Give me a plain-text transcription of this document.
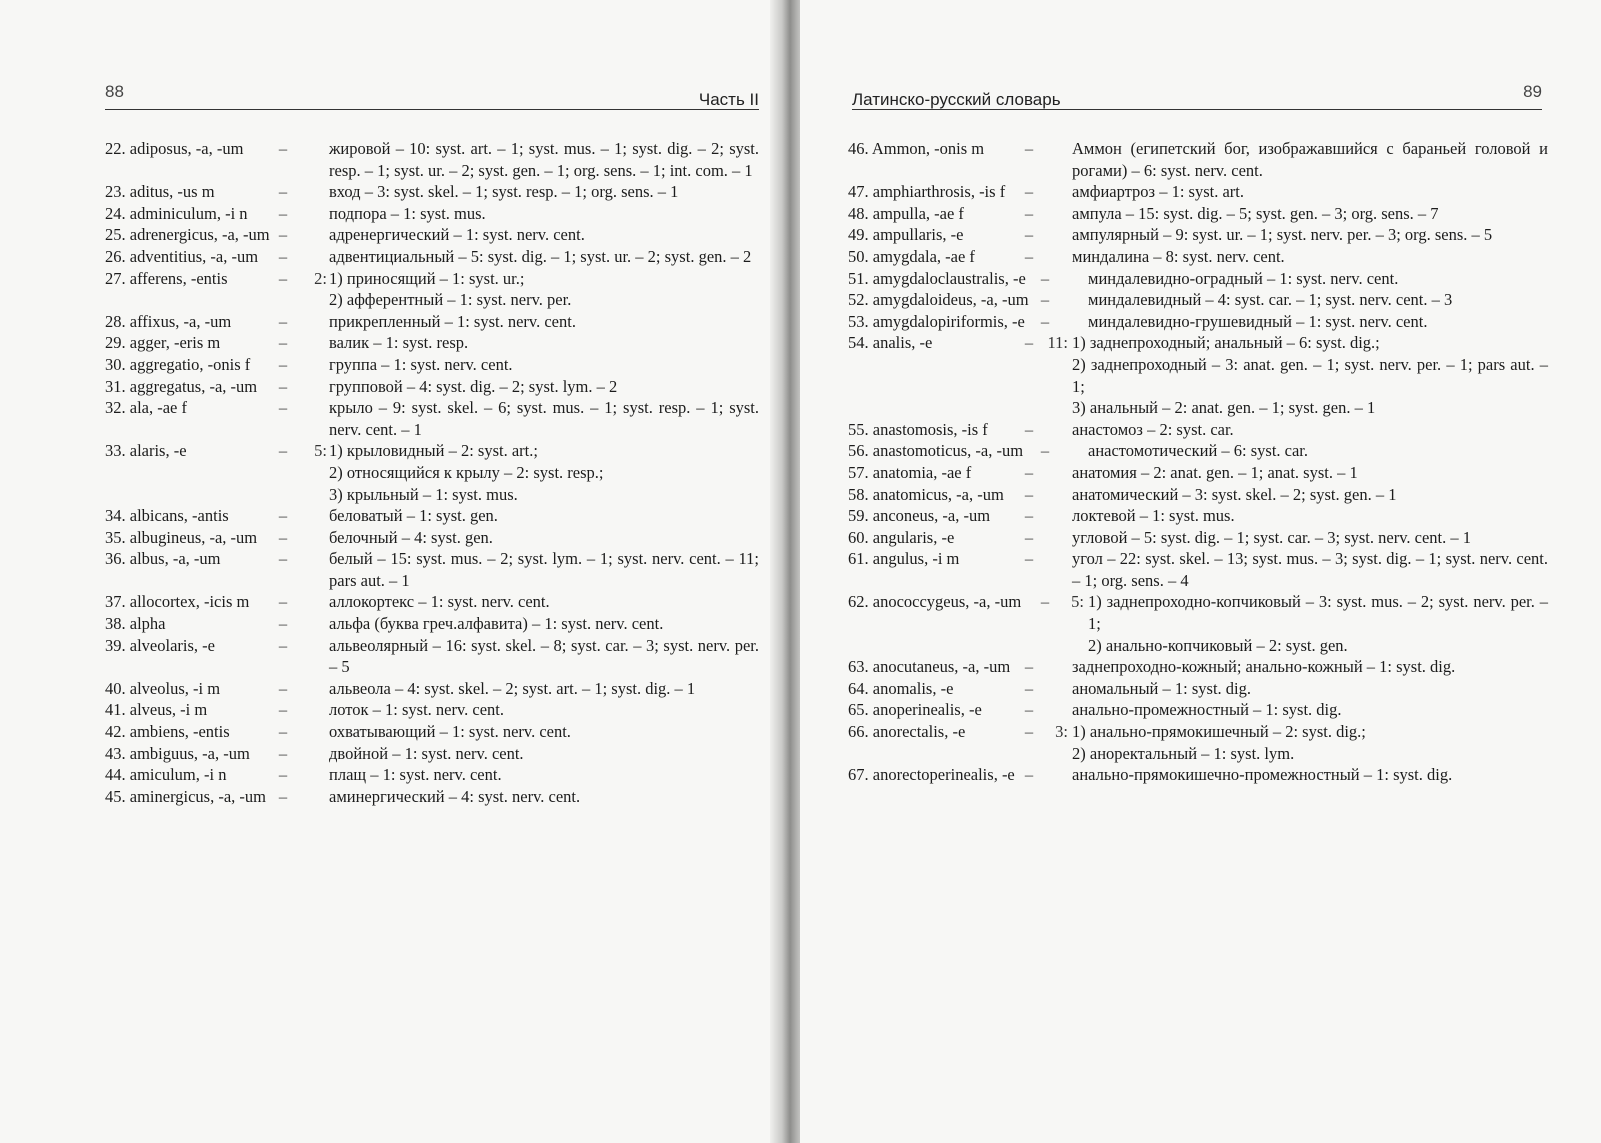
88	Часть II
22. adiposus, -a, -um	–	жировой – 10: syst. art. – 1; syst. mus. – 1; syst. dig. – 2; syst. resp. – 1; syst. ur. – 2; syst. gen. – 1; org. sens. – 1; int. com. – 1
23. aditus, -us m	–	вход – 3: syst. skel. – 1; syst. resp. – 1; org. sens. – 1
24. adminiculum, -i n	–	подпора – 1: syst. mus.
25. adrenergicus, -a, -um –	адренергический – 1: syst. nerv. cent.
26. adventitius, -a, -um	–	адвентициальный – 5: syst. dig. – 1; syst. ur. – 2; syst. gen. – 2
27. afferens, -entis	–	2: 1) приносящий – 1: syst. ur.;
2) афферентный – 1: syst. nerv. per.
28. affixus, -a, -um	–	прикрепленный – 1: syst. nerv. cent.
29. agger, -eris m	–	валик – 1: syst. resp.
30. aggregatio, -onis f	–	группа – 1: syst. nerv. cent.
31. aggregatus, -a, -um	–	групповой – 4: syst. dig. – 2; syst. lym. – 2
32. ala, -ae f	–	крыло – 9: syst. skel. – 6; syst. mus. – 1; syst. resp. – 1; syst. nerv. cent. – 1
33. alaris, -e	–	5: 1) крыловидный – 2: syst. art.;
2) относящийся к крылу – 2: syst. resp.;
3) крыльный – 1: syst. mus.
34. albicans, -antis	–	беловатый – 1: syst. gen.
35. albugineus, -a, -um	–	белочный – 4: syst. gen.
36. albus, -a, -um	–	белый – 15: syst. mus. – 2; syst. lym. – 1; syst. nerv. cent. – 11; pars aut. – 1
37. allocortex, -icis m	–	аллокортекс – 1: syst. nerv. cent.
38. alpha	–	альфа (буква греч.алфавита) – 1: syst. nerv. cent.
39. alveolaris, -e	–	альвеолярный – 16: syst. skel. – 8; syst. car. – 3; syst. nerv. per. – 5
40. alveolus, -i m	–	альвеола – 4: syst. skel. – 2; syst. art. – 1; syst. dig. – 1
41. alveus, -i m	–	лоток – 1: syst. nerv. cent.
42. ambiens, -entis	–	охватывающий – 1: syst. nerv. cent.
43. ambiguus, -a, -um	–	двойной – 1: syst. nerv. cent.
44. amiculum, -i n	–	плащ – 1: syst. nerv. cent.
45. aminergicus, -a, -um –	аминергический – 4: syst. nerv. cent.
Латинско-русский словарь	89
46. Ammon, -onis m	– Аммон (египетский бог, изображавшийся с бараньей головой и рогами) – 6: syst. nerv. cent.
47. amphiarthrosis, -is f	– амфиартроз – 1: syst. art.
48. ampulla, -ae f	– ампула – 15: syst. dig. – 5; syst. gen. – 3; org. sens. – 7
49. ampullaris, -e	– ампулярный – 9: syst. ur. – 1; syst. nerv. per. – 3; org. sens. – 5
50. amygdala, -ae f	– миндалина – 8: syst. nerv. cent.
51. amygdaloclaustralis, -e – миндалевидно-оградный – 1: syst. nerv. cent.
52. amygdaloideus, -a, -um – миндалевидный – 4: syst. car. – 1; syst. nerv. cent. – 3
53. amygdalopiriformis, -e – миндалевидно-грушевидный – 1: syst. nerv. cent.
54. analis, -e	– 11: 1) заднепроходный; анальный – 6: syst. dig.;
2) заднепроходный – 3: anat. gen. – 1; syst. nerv. per. – 1; pars aut. – 1;
3) анальный – 2: anat. gen. – 1; syst. gen. – 1
55. anastomosis, -is f	– анастомоз – 2: syst. car.
56. anastomoticus, -a, -um	– анастомотический – 6: syst. car.
57. anatomia, -ae f	– анатомия – 2: anat. gen. – 1; anat. syst. – 1
58. anatomicus, -a, -um	– анатомический – 3: syst. skel. – 2; syst. gen. – 1
59. anconeus, -a, -um	– локтевой – 1: syst. mus.
60. angularis, -e	– угловой – 5: syst. dig. – 1; syst. car. – 3; syst. nerv. cent. – 1
61. angulus, -i m	– угол – 22: syst. skel. – 13; syst. mus. – 3; syst. dig. – 1; syst. nerv. cent. – 1; org. sens. – 4
62. anococcygeus, -a, -um	–	5: 1) заднепроходно-копчиковый – 3: syst. mus. – 2; syst. nerv. per. – 1;
2) анально-копчиковый – 2: syst. gen.
63. anocutaneus, -a, -um – заднепроходно-кожный; анально-кожный – 1: syst. dig.
64. anomalis, -e	– аномальный – 1: syst. dig.
65. anoperinealis, -e	– анально-промежностный – 1: syst. dig.
66. anorectalis, -e	–	3: 1) анально-прямокишечный – 2: syst. dig.;
2) аноректальный – 1: syst. lym.
67. anorectoperinealis, -e – анально-прямокишечно-промежностный – 1: syst. dig.
